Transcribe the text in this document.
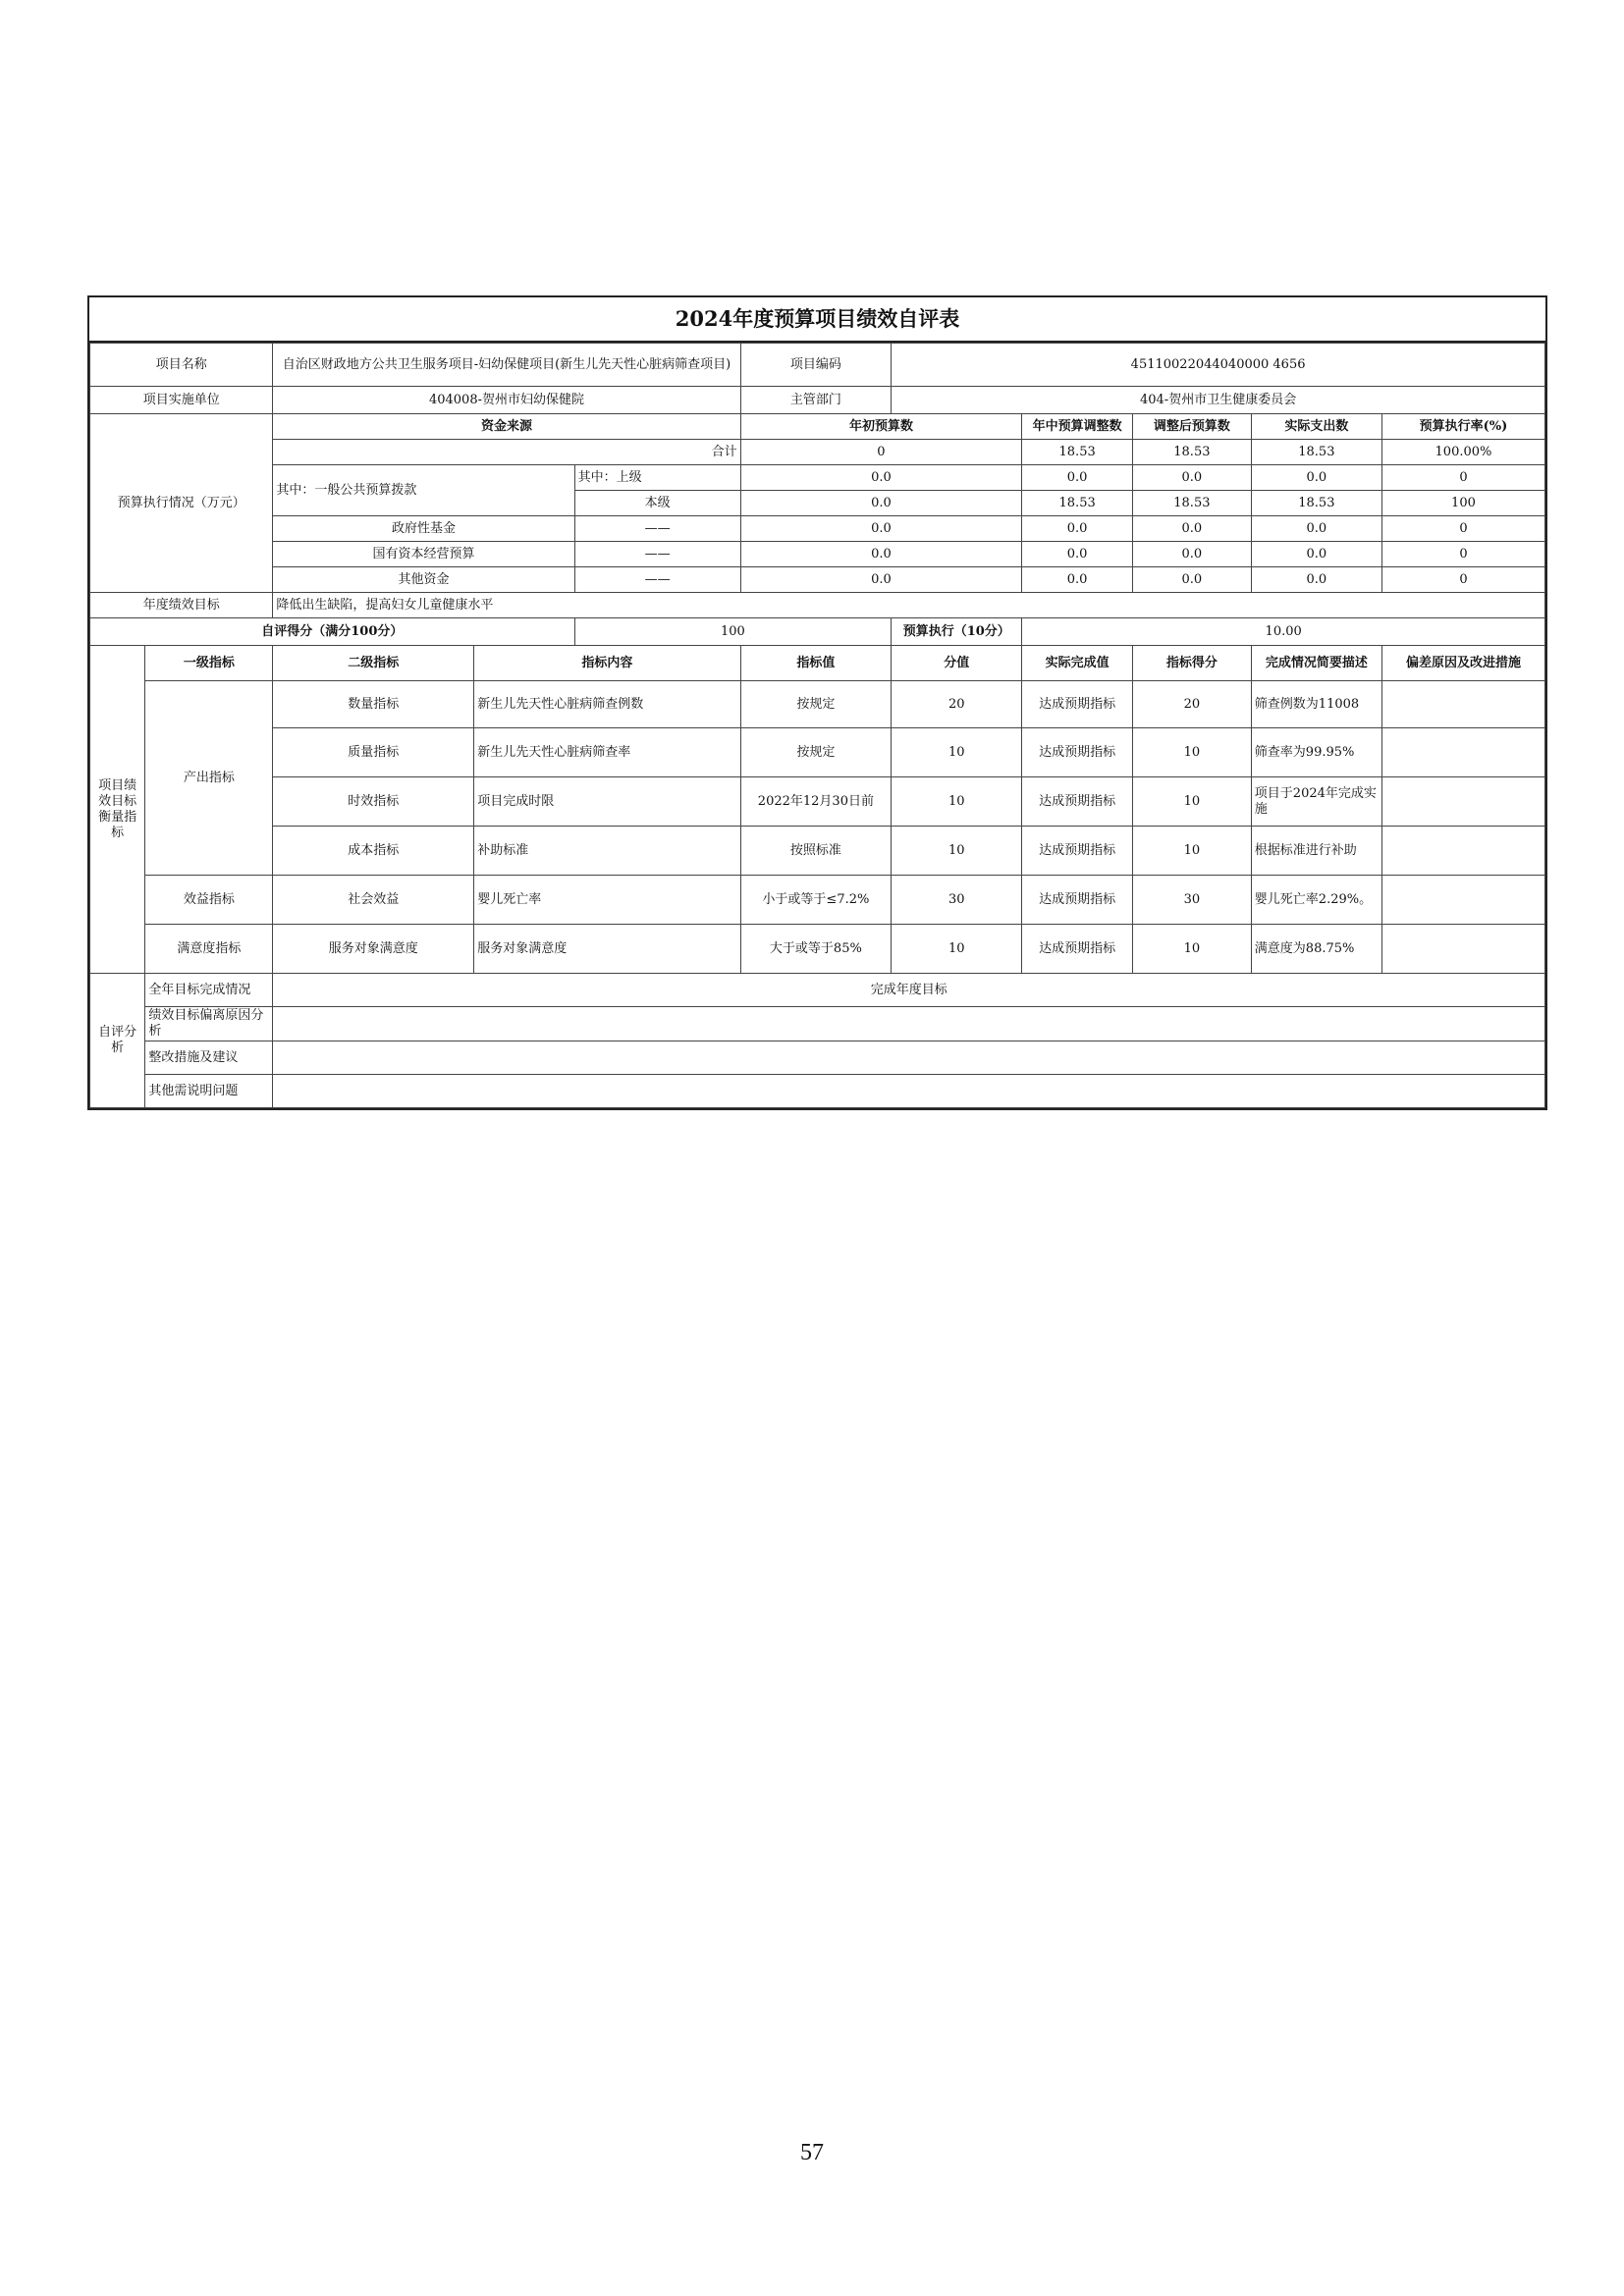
2024年度预算项目绩效自评表
项目名称		自治区财政地方公共卫生服务项目-妇幼保健项目(新生儿先天性心脏病筛查项目)			项目编码	45110022044040000 4656				
项目实施单位		404008-贺州市妇幼保健院			主管部门	404-贺州市卫生健康委员会				
预算执行情况（万元）		资金来源			年初预算数		年中预算调整数	调整后预算数	实际支出数	预算执行率(%)
		合计			0		18.53	18.53	18.53	100.00%
		其中：一般公共预算拨款		其中：上级	0.0		0.0	0.0	0.0	0
				本级	0.0		18.53	18.53	18.53	100
		政府性基金		——	0.0		0.0	0.0	0.0	0
		国有资本经营预算		——	0.0		0.0	0.0	0.0	0
		其他资金		——	0.0		0.0	0.0	0.0	0
年度绩效目标		降低出生缺陷，提高妇女儿童健康水平								
自评得分（满分100分）				100		预算执行（10分）	10.00			
项目绩效目标衡量指标	一级指标	二级指标	指标内容		指标值	分值	实际完成值	指标得分	完成情况简要描述	偏差原因及改进措施
	产出指标	数量指标	新生儿先天性心脏病筛查例数		按规定	20	达成预期指标	20	筛查例数为11008	
		质量指标	新生儿先天性心脏病筛查率		按规定	10	达成预期指标	10	筛查率为99.95%	
		时效指标	项目完成时限		2022年12月30日前	10	达成预期指标	10	项目于2024年完成实施	
		成本指标	补助标准		按照标准	10	达成预期指标	10	根据标准进行补助	
	效益指标	社会效益	婴儿死亡率		小于或等于≤7.2%	30	达成预期指标	30	婴儿死亡率2.29%。	
	满意度指标	服务对象满意度	服务对象满意度		大于或等于85%	10	达成预期指标	10	满意度为88.75%	
自评分析	全年目标完成情况	完成年度目标								
	绩效目标偏离原因分析									
	整改措施及建议									
	其他需说明问题									
57
